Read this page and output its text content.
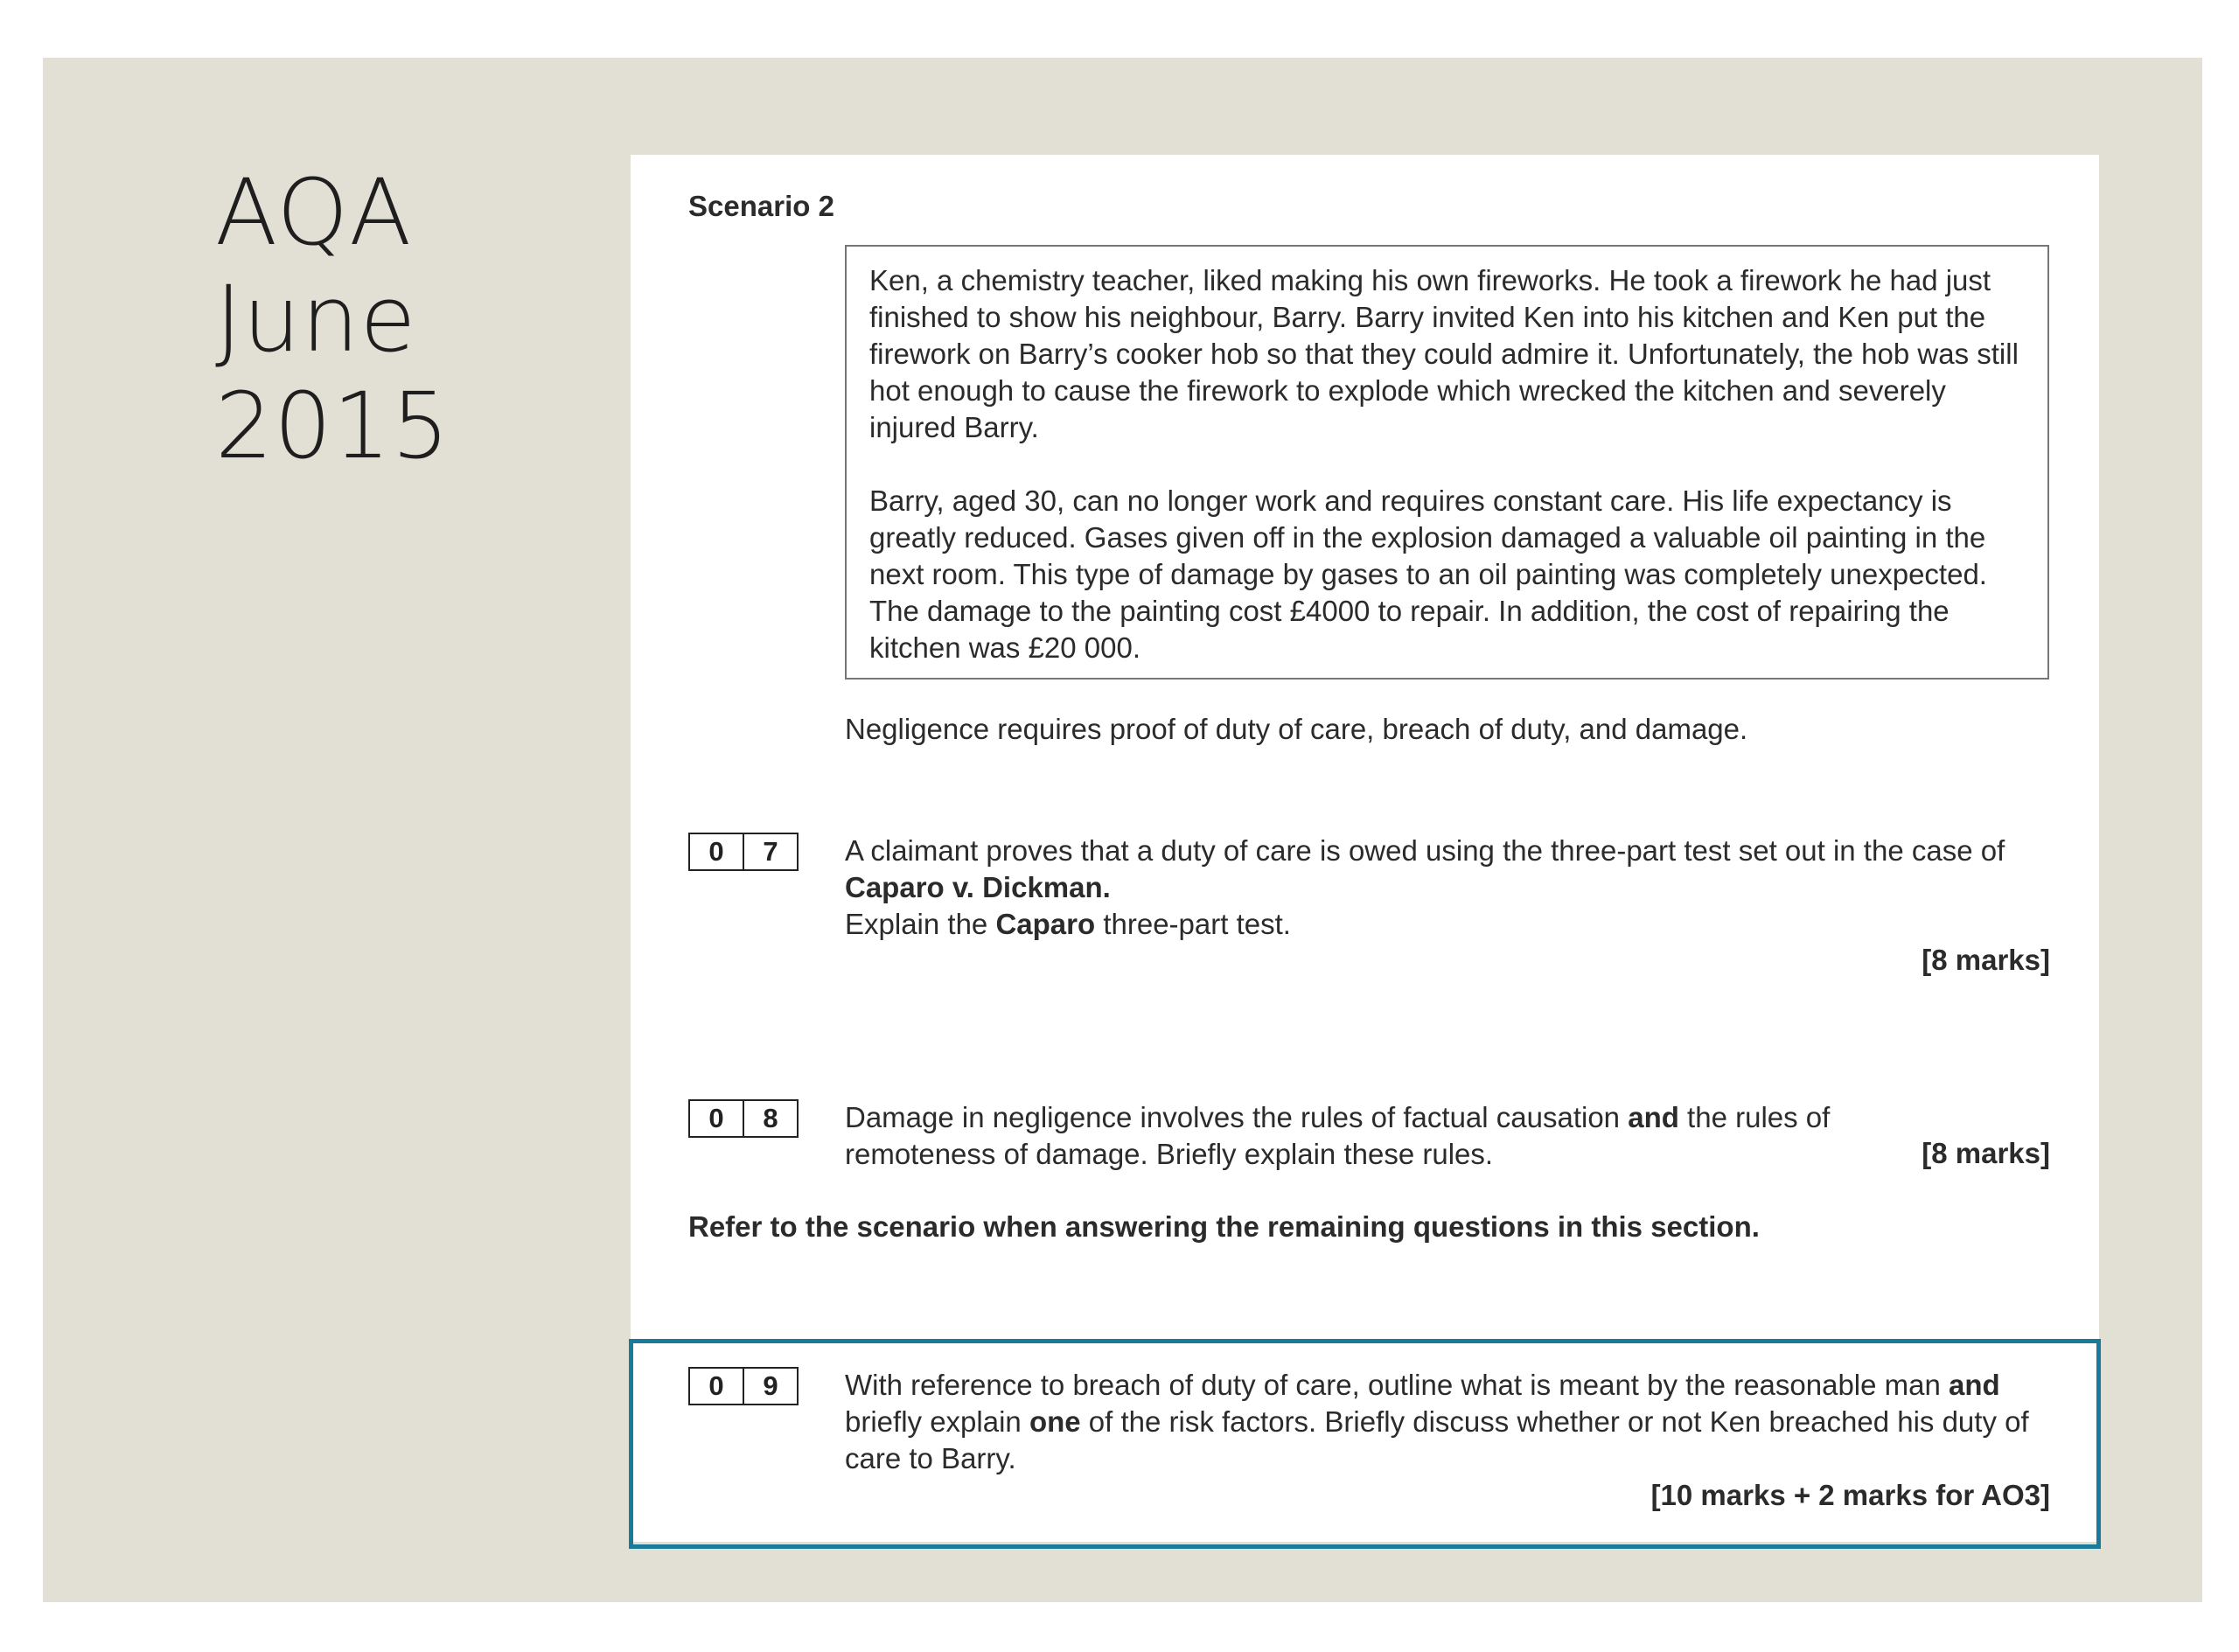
AQA
June
2015
Scenario 2
Ken, a chemistry teacher, liked making his own fireworks. He took a firework he had just finished to show his neighbour, Barry. Barry invited Ken into his kitchen and Ken put the firework on Barry’s cooker hob so that they could admire it. Unfortunately, the hob was still hot enough to cause the firework to explode which wrecked the kitchen and severely injured Barry.
Barry, aged 30, can no longer work and requires constant care. His life expectancy is greatly reduced. Gases given off in the explosion damaged a valuable oil painting in the next room. This type of damage by gases to an oil painting was completely unexpected. The damage to the painting cost £4000 to repair. In addition, the cost of repairing the kitchen was £20 000.
Negligence requires proof of duty of care, breach of duty, and damage.
0	7	A claimant proves that a duty of care is owed using the three-part test set out in the case of Caparo v. Dickman.
Explain the Caparo three-part test.
[8 marks]
0	8	Damage in negligence involves the rules of factual causation and the rules of remoteness of damage. Briefly explain these rules.	[8 marks]
Refer to the scenario when answering the remaining questions in this section.
0	9	With reference to breach of duty of care, outline what is meant by the reasonable man and briefly explain one of the risk factors. Briefly discuss whether or not Ken breached his duty of care to Barry.
[10 marks + 2 marks for AO3]
